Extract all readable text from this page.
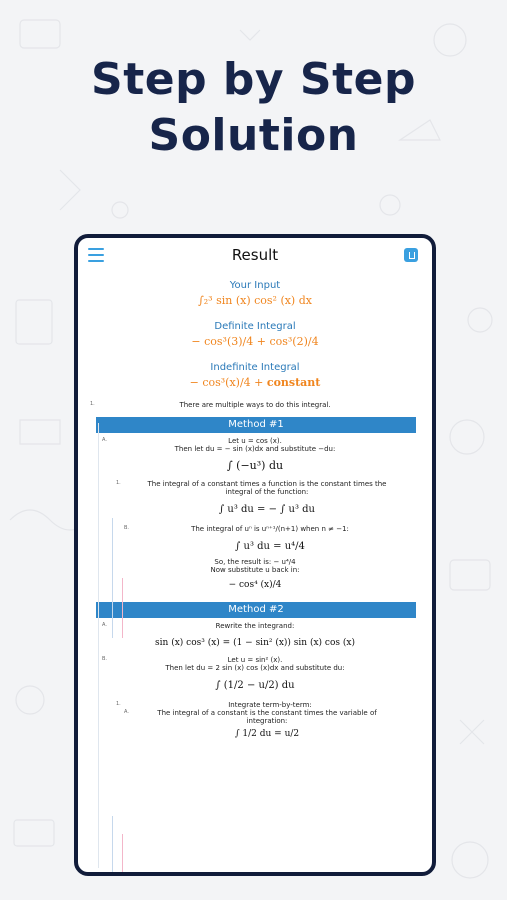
Step by Step
Solution
Result
Your Input
∫₂³ sin (x) cos² (x) dx
Definite Integral
− cos³(3)/4 + cos³(2)/4
Indefinite Integral
− cos³(x)/4 + constant
1.	There are multiple ways to do this integral.
Method #1
A.	Let u = cos (x).
Then let du = − sin (x)dx and substitute −du:
∫ (−u³) du
1.	The integral of a constant times a function is the constant times the
integral of the function:
∫ u³ du = − ∫ u³ du
B.	The integral of uⁿ is uⁿ⁺¹/(n+1) when n ≠ −1:
∫ u³ du = u⁴/4
So, the result is: − u⁴/4
Now substitute u back in:
− cos⁴ (x)/4
Method #2
A.	Rewrite the integrand:
sin (x) cos³ (x) = (1 − sin² (x)) sin (x) cos (x)
B.	Let u = sin² (x).
Then let du = 2 sin (x) cos (x)dx and substitute du:
∫ (1/2 − u/2) du
1.	Integrate term-by-term:
A.	The integral of a constant is the constant times the variable of
integration:
∫ 1/2 du = u/2
